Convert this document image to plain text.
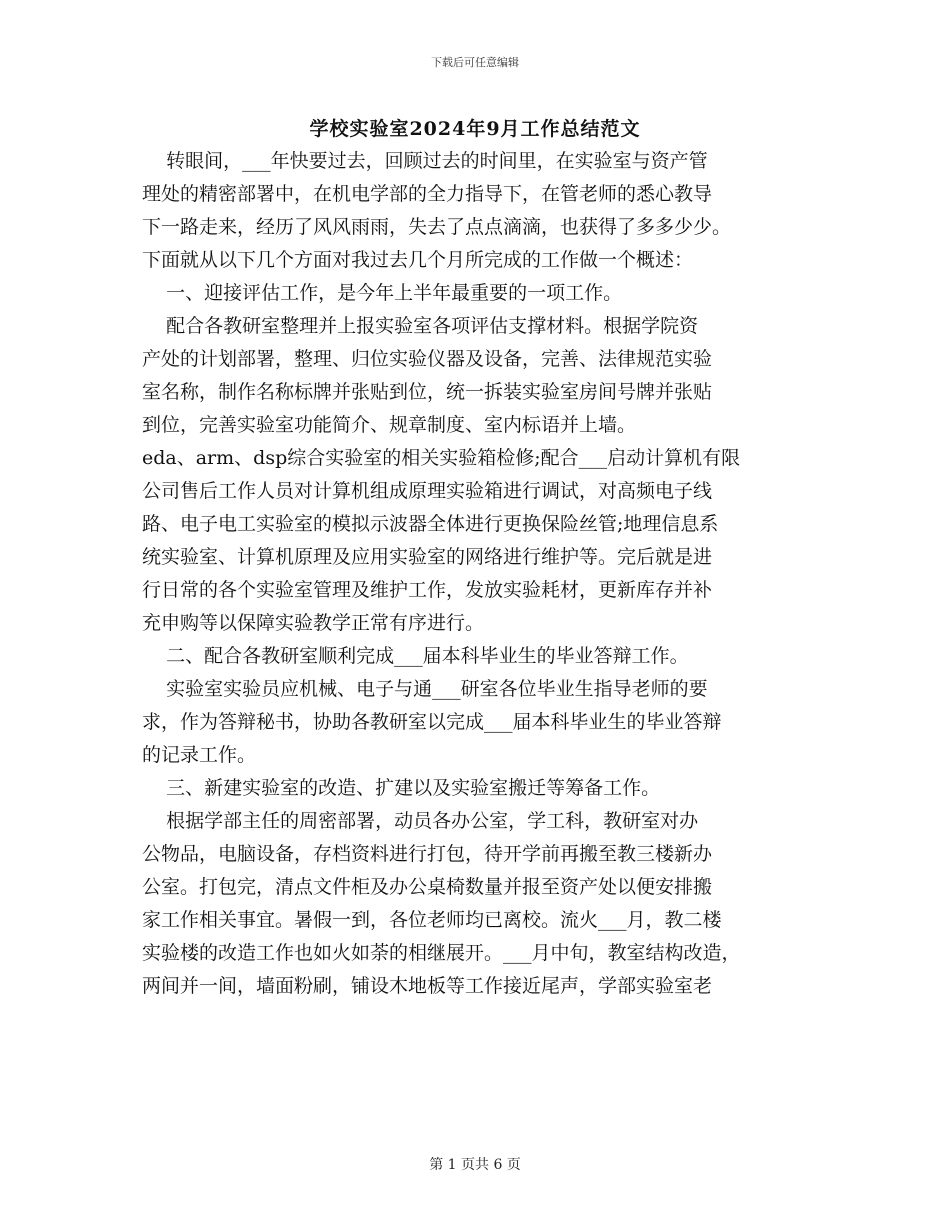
下载后可任意编辑
学校实验室2024年9月工作总结范文
转眼间，___年快要过去，回顾过去的时间里，在实验室与资产管
理处的精密部署中，在机电学部的全力指导下，在管老师的悉心教导
下一路走来，经历了风风雨雨，失去了点点滴滴，也获得了多多少少。
下面就从以下几个方面对我过去几个月所完成的工作做一个概述：
一、迎接评估工作，是今年上半年最重要的一项工作。
配合各教研室整理并上报实验室各项评估支撑材料。根据学院资
产处的计划部署，整理、归位实验仪器及设备，完善、法律规范实验
室名称，制作名称标牌并张贴到位，统一拆装实验室房间号牌并张贴
到位，完善实验室功能简介、规章制度、室内标语并上墙。
eda、arm、dsp综合实验室的相关实验箱检修;配合___启动计算机有限
公司售后工作人员对计算机组成原理实验箱进行调试，对高频电子线
路、电子电工实验室的模拟示波器全体进行更换保险丝管;地理信息系
统实验室、计算机原理及应用实验室的网络进行维护等。完后就是进
行日常的各个实验室管理及维护工作，发放实验耗材，更新库存并补
充申购等以保障实验教学正常有序进行。
二、配合各教研室顺利完成___届本科毕业生的毕业答辩工作。
实验室实验员应机械、电子与通___研室各位毕业生指导老师的要
求，作为答辩秘书，协助各教研室以完成___届本科毕业生的毕业答辩
的记录工作。
三、新建实验室的改造、扩建以及实验室搬迁等筹备工作。
根据学部主任的周密部署，动员各办公室，学工科，教研室对办
公物品，电脑设备，存档资料进行打包，待开学前再搬至教三楼新办
公室。打包完，清点文件柜及办公桌椅数量并报至资产处以便安排搬
家工作相关事宜。暑假一到，各位老师均已离校。流火___月，教二楼
实验楼的改造工作也如火如荼的相继展开。___月中旬，教室结构改造，
两间并一间，墙面粉刷，铺设木地板等工作接近尾声，学部实验室老
第 1 页共 6 页
